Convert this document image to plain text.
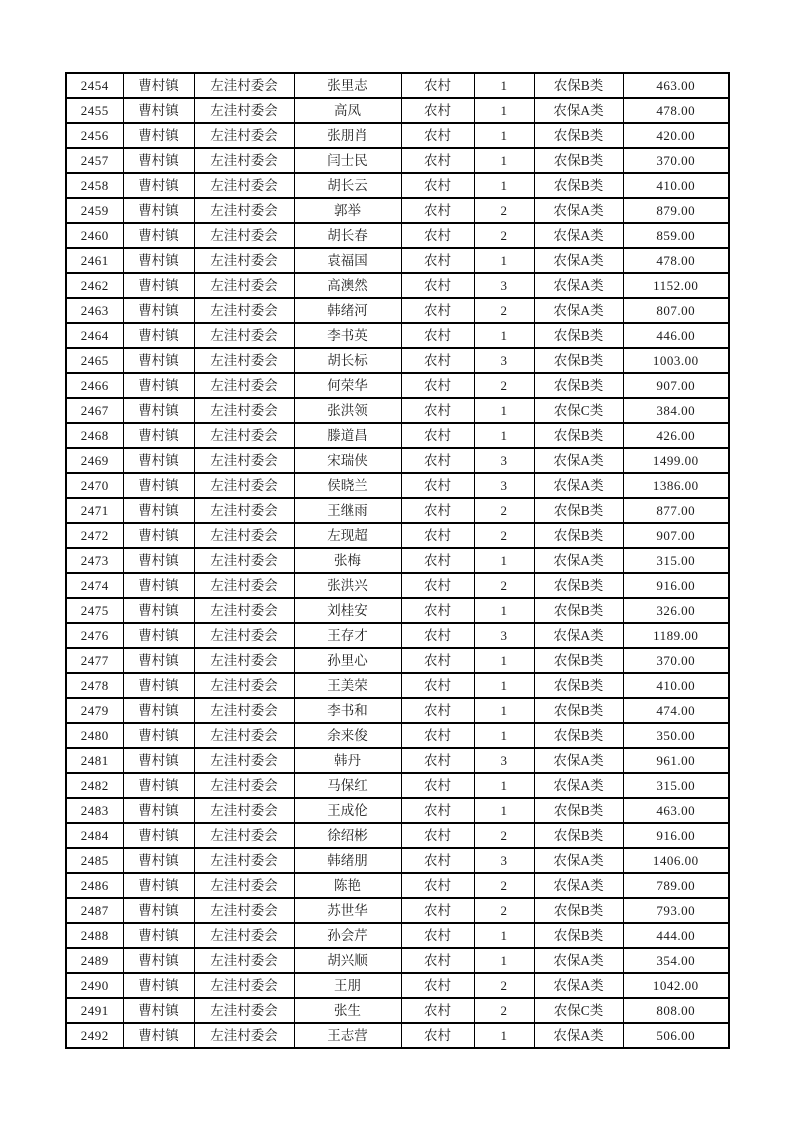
2454	曹村镇	左洼村委会	张里志	农村	1	农保B类	463.00
2455	曹村镇	左洼村委会	高凤	农村	1	农保A类	478.00
2456	曹村镇	左洼村委会	张朋肖	农村	1	农保B类	420.00
2457	曹村镇	左洼村委会	闫士民	农村	1	农保B类	370.00
2458	曹村镇	左洼村委会	胡长云	农村	1	农保B类	410.00
2459	曹村镇	左洼村委会	郭举	农村	2	农保A类	879.00
2460	曹村镇	左洼村委会	胡长春	农村	2	农保A类	859.00
2461	曹村镇	左洼村委会	袁福国	农村	1	农保A类	478.00
2462	曹村镇	左洼村委会	高澳然	农村	3	农保A类	1152.00
2463	曹村镇	左洼村委会	韩绪河	农村	2	农保A类	807.00
2464	曹村镇	左洼村委会	李书英	农村	1	农保B类	446.00
2465	曹村镇	左洼村委会	胡长标	农村	3	农保B类	1003.00
2466	曹村镇	左洼村委会	何荣华	农村	2	农保B类	907.00
2467	曹村镇	左洼村委会	张洪领	农村	1	农保C类	384.00
2468	曹村镇	左洼村委会	滕道昌	农村	1	农保B类	426.00
2469	曹村镇	左洼村委会	宋瑞侠	农村	3	农保A类	1499.00
2470	曹村镇	左洼村委会	侯晓兰	农村	3	农保A类	1386.00
2471	曹村镇	左洼村委会	王继雨	农村	2	农保B类	877.00
2472	曹村镇	左洼村委会	左现超	农村	2	农保B类	907.00
2473	曹村镇	左洼村委会	张梅	农村	1	农保A类	315.00
2474	曹村镇	左洼村委会	张洪兴	农村	2	农保B类	916.00
2475	曹村镇	左洼村委会	刘桂安	农村	1	农保B类	326.00
2476	曹村镇	左洼村委会	王存才	农村	3	农保A类	1189.00
2477	曹村镇	左洼村委会	孙里心	农村	1	农保B类	370.00
2478	曹村镇	左洼村委会	王美荣	农村	1	农保B类	410.00
2479	曹村镇	左洼村委会	李书和	农村	1	农保B类	474.00
2480	曹村镇	左洼村委会	余来俊	农村	1	农保B类	350.00
2481	曹村镇	左洼村委会	韩丹	农村	3	农保A类	961.00
2482	曹村镇	左洼村委会	马保红	农村	1	农保A类	315.00
2483	曹村镇	左洼村委会	王成伦	农村	1	农保B类	463.00
2484	曹村镇	左洼村委会	徐绍彬	农村	2	农保B类	916.00
2485	曹村镇	左洼村委会	韩绪朋	农村	3	农保A类	1406.00
2486	曹村镇	左洼村委会	陈艳	农村	2	农保A类	789.00
2487	曹村镇	左洼村委会	苏世华	农村	2	农保B类	793.00
2488	曹村镇	左洼村委会	孙会芹	农村	1	农保B类	444.00
2489	曹村镇	左洼村委会	胡兴顺	农村	1	农保A类	354.00
2490	曹村镇	左洼村委会	王朋	农村	2	农保A类	1042.00
2491	曹村镇	左洼村委会	张生	农村	2	农保C类	808.00
2492	曹村镇	左洼村委会	王志营	农村	1	农保A类	506.00
